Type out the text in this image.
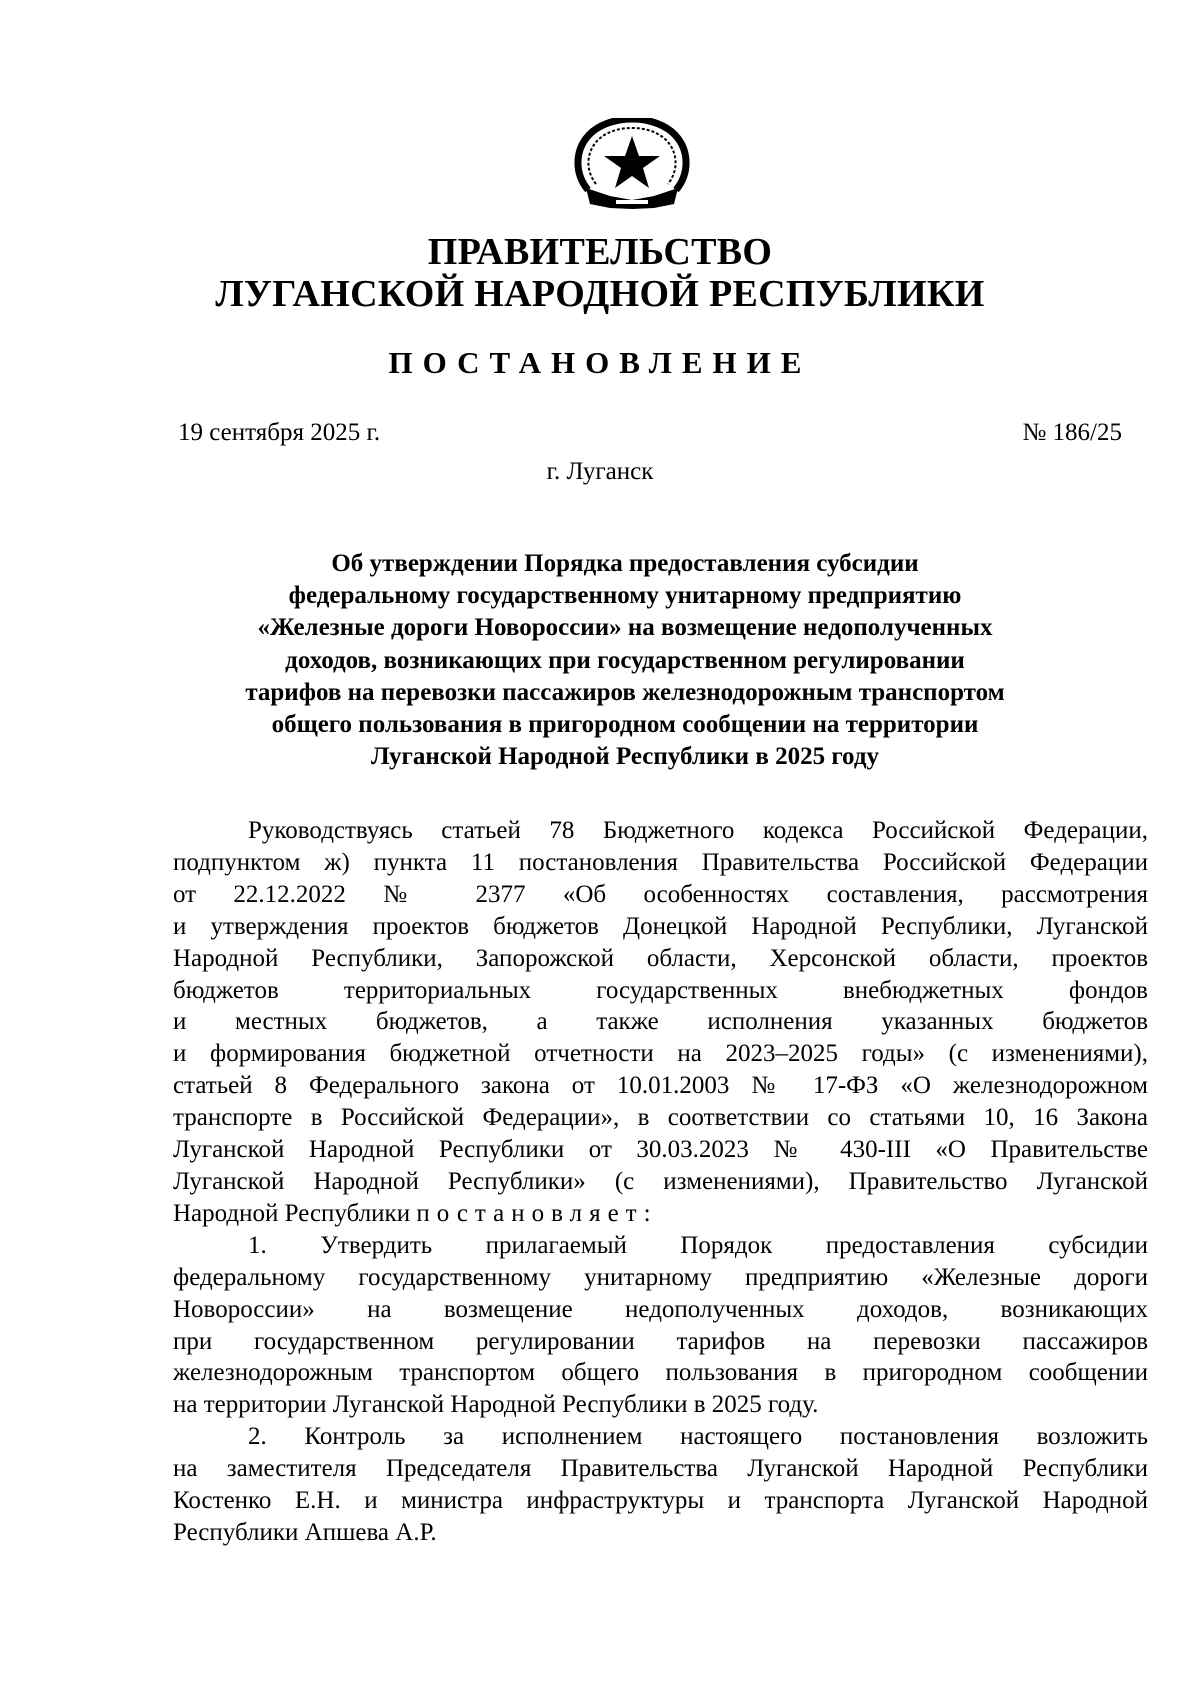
ПРАВИТЕЛЬСТВО
ЛУГАНСКОЙ НАРОДНОЙ РЕСПУБЛИКИ
ПОСТАНОВЛЕНИЕ
19 сентября 2025 г.	№ 186/25
г. Луганск
Об утверждении Порядка предоставления субсидии
федеральному государственному унитарному предприятию
«Железные дороги Новороссии» на возмещение недополученных
доходов, возникающих при государственном регулировании
тарифов на перевозки пассажиров железнодорожным транспортом
общего пользования в пригородном сообщении на территории
Луганской Народной Республики в 2025 году
Руководствуясь статьей 78 Бюджетного кодекса Российской Федерации,
подпунктом ж) пункта 11 постановления Правительства Российской Федерации
от 22.12.2022 № 2377 «Об особенностях составления, рассмотрения
и утверждения проектов бюджетов Донецкой Народной Республики, Луганской
Народной Республики, Запорожской области, Херсонской области, проектов
бюджетов территориальных государственных внебюджетных фондов
и местных бюджетов, а также исполнения указанных бюджетов
и формирования бюджетной отчетности на 2023–2025 годы» (с изменениями),
статьей 8 Федерального закона от 10.01.2003 № 17-ФЗ «О железнодорожном
транспорте в Российской Федерации», в соответствии со статьями 10, 16 Закона
Луганской Народной Республики от 30.03.2023 № 430-III «О Правительстве
Луганской Народной Республики» (с изменениями), Правительство Луганской
Народной Республики постановляет:
1. Утвердить прилагаемый Порядок предоставления субсидии
федеральному государственному унитарному предприятию «Железные дороги
Новороссии» на возмещение недополученных доходов, возникающих
при государственном регулировании тарифов на перевозки пассажиров
железнодорожным транспортом общего пользования в пригородном сообщении
на территории Луганской Народной Республики в 2025 году.
2. Контроль за исполнением настоящего постановления возложить
на заместителя Председателя Правительства Луганской Народной Республики
Костенко Е.Н. и министра инфраструктуры и транспорта Луганской Народной
Республики Апшева А.Р.
